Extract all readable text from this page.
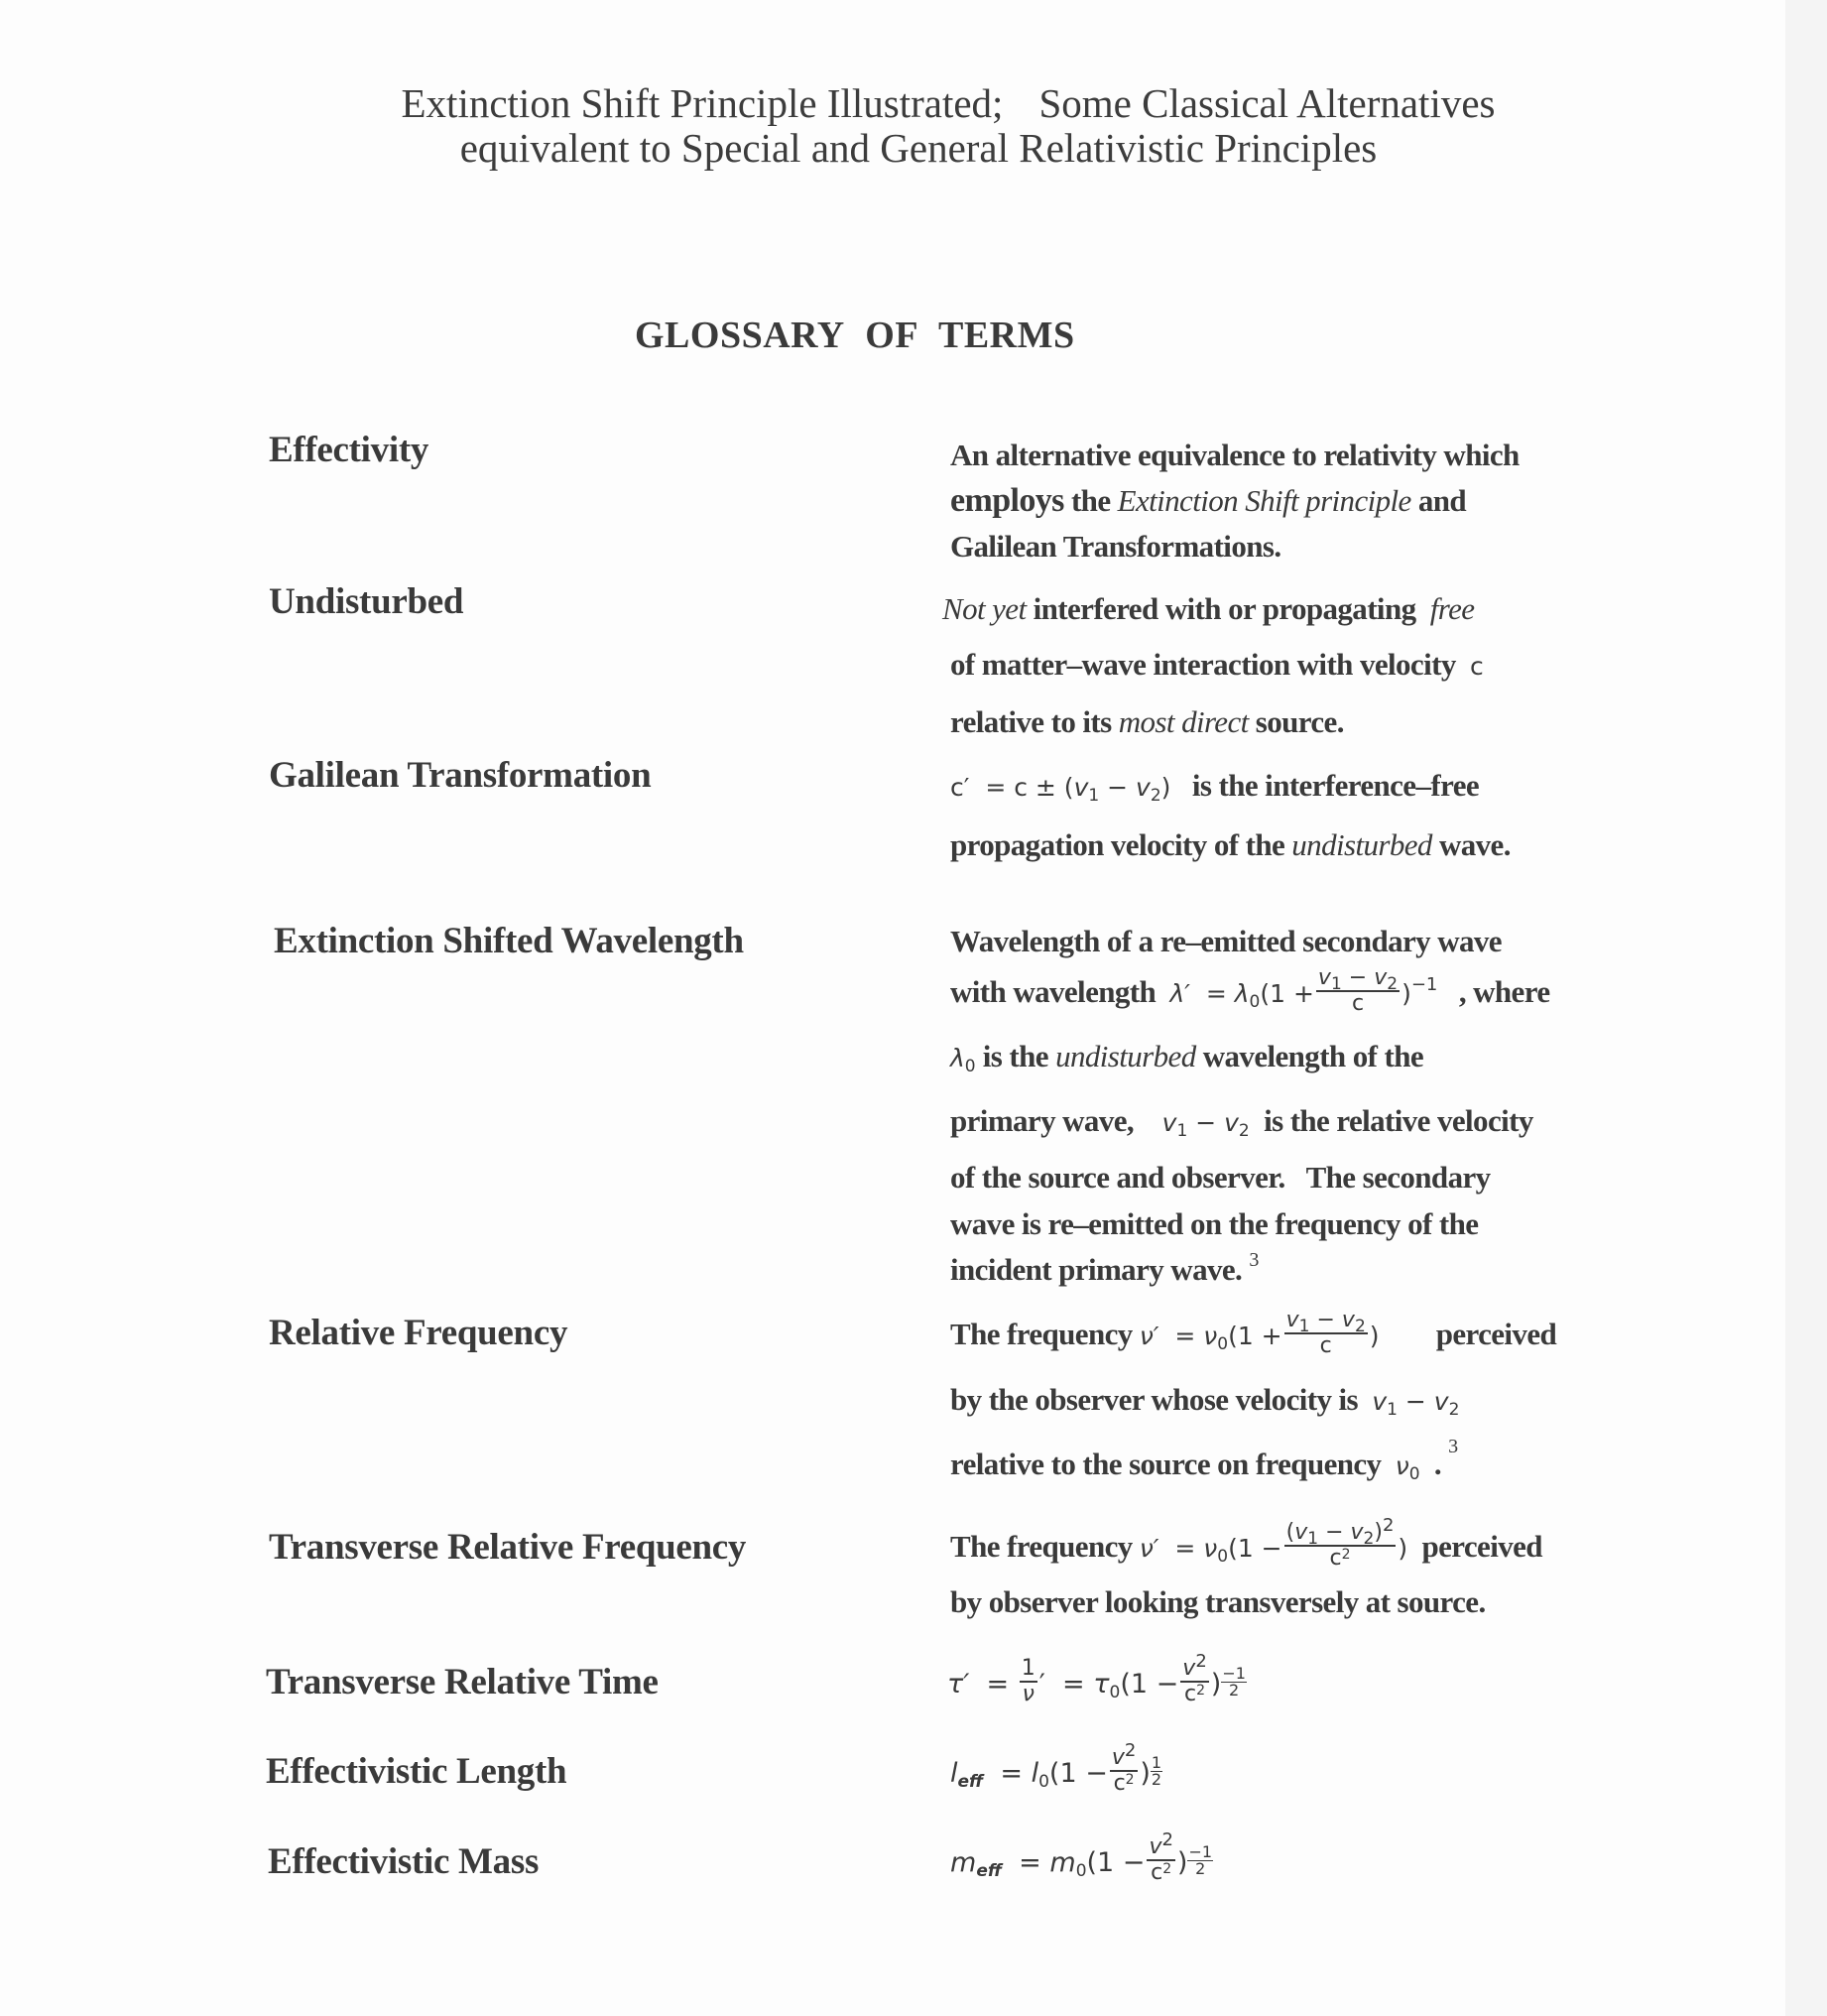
Extinction Shift Principle Illustrated; Some Classical Alternatives
equivalent to Special and General Relativistic Principles
GLOSSARY OF TERMS
Effectivity	An alternative equivalence to relativity which
employs the Extinction Shift principle and
Galilean Transformations.
Undisturbed	Not yet interfered with or propagating  free
of matter–wave interaction with velocity  c
relative to its most direct source.
Galilean Transformation	$c' = c \pm (v_1 - v_2)$ is the interference–free
propagation velocity of the undisturbed wave.
Extinction Shifted Wavelength	Wavelength of a re–emitted secondary wave
with wavelength $\lambda' = \lambda_0(1 + \frac{v_1 - v_2}{c} )^{-1}$ , where
$\lambda_0$ is the undisturbed wavelength of the
primary wave, $v_1 - v_2$ is the relative velocity
of the source and observer.   The secondary
wave is re–emitted on the frequency of the
incident primary wave. $^3$
Relative Frequency	The frequency $\nu' = \nu_0(1 + \frac{v_1 - v_2}{c}$ ) perceived
by the observer whose velocity is $v_1 - v_2$
relative to the source on frequency $\nu_0$  . $^3$
Transverse Relative Frequency	The frequency $\nu' = \nu_0(1 - \frac{(v_1 - v_2)^2}{c^2}$ ) perceived
by observer looking transversely at source.
Transverse Relative Time	$\tau' = \frac{1}{\nu}$ ′  = $\tau_0(1 - \frac{v^2}{c^2}$ ) $\frac{-1}{2}$
Effectivistic Length	$l_{eff} = l_0(1 - \frac{v^2}{c^2}$ ) $\frac{1}{2}$
Effectivistic Mass	$m_{eff} = m_0(1 - \frac{v^2}{c^2}$ ) $\frac{-1}{2}$
